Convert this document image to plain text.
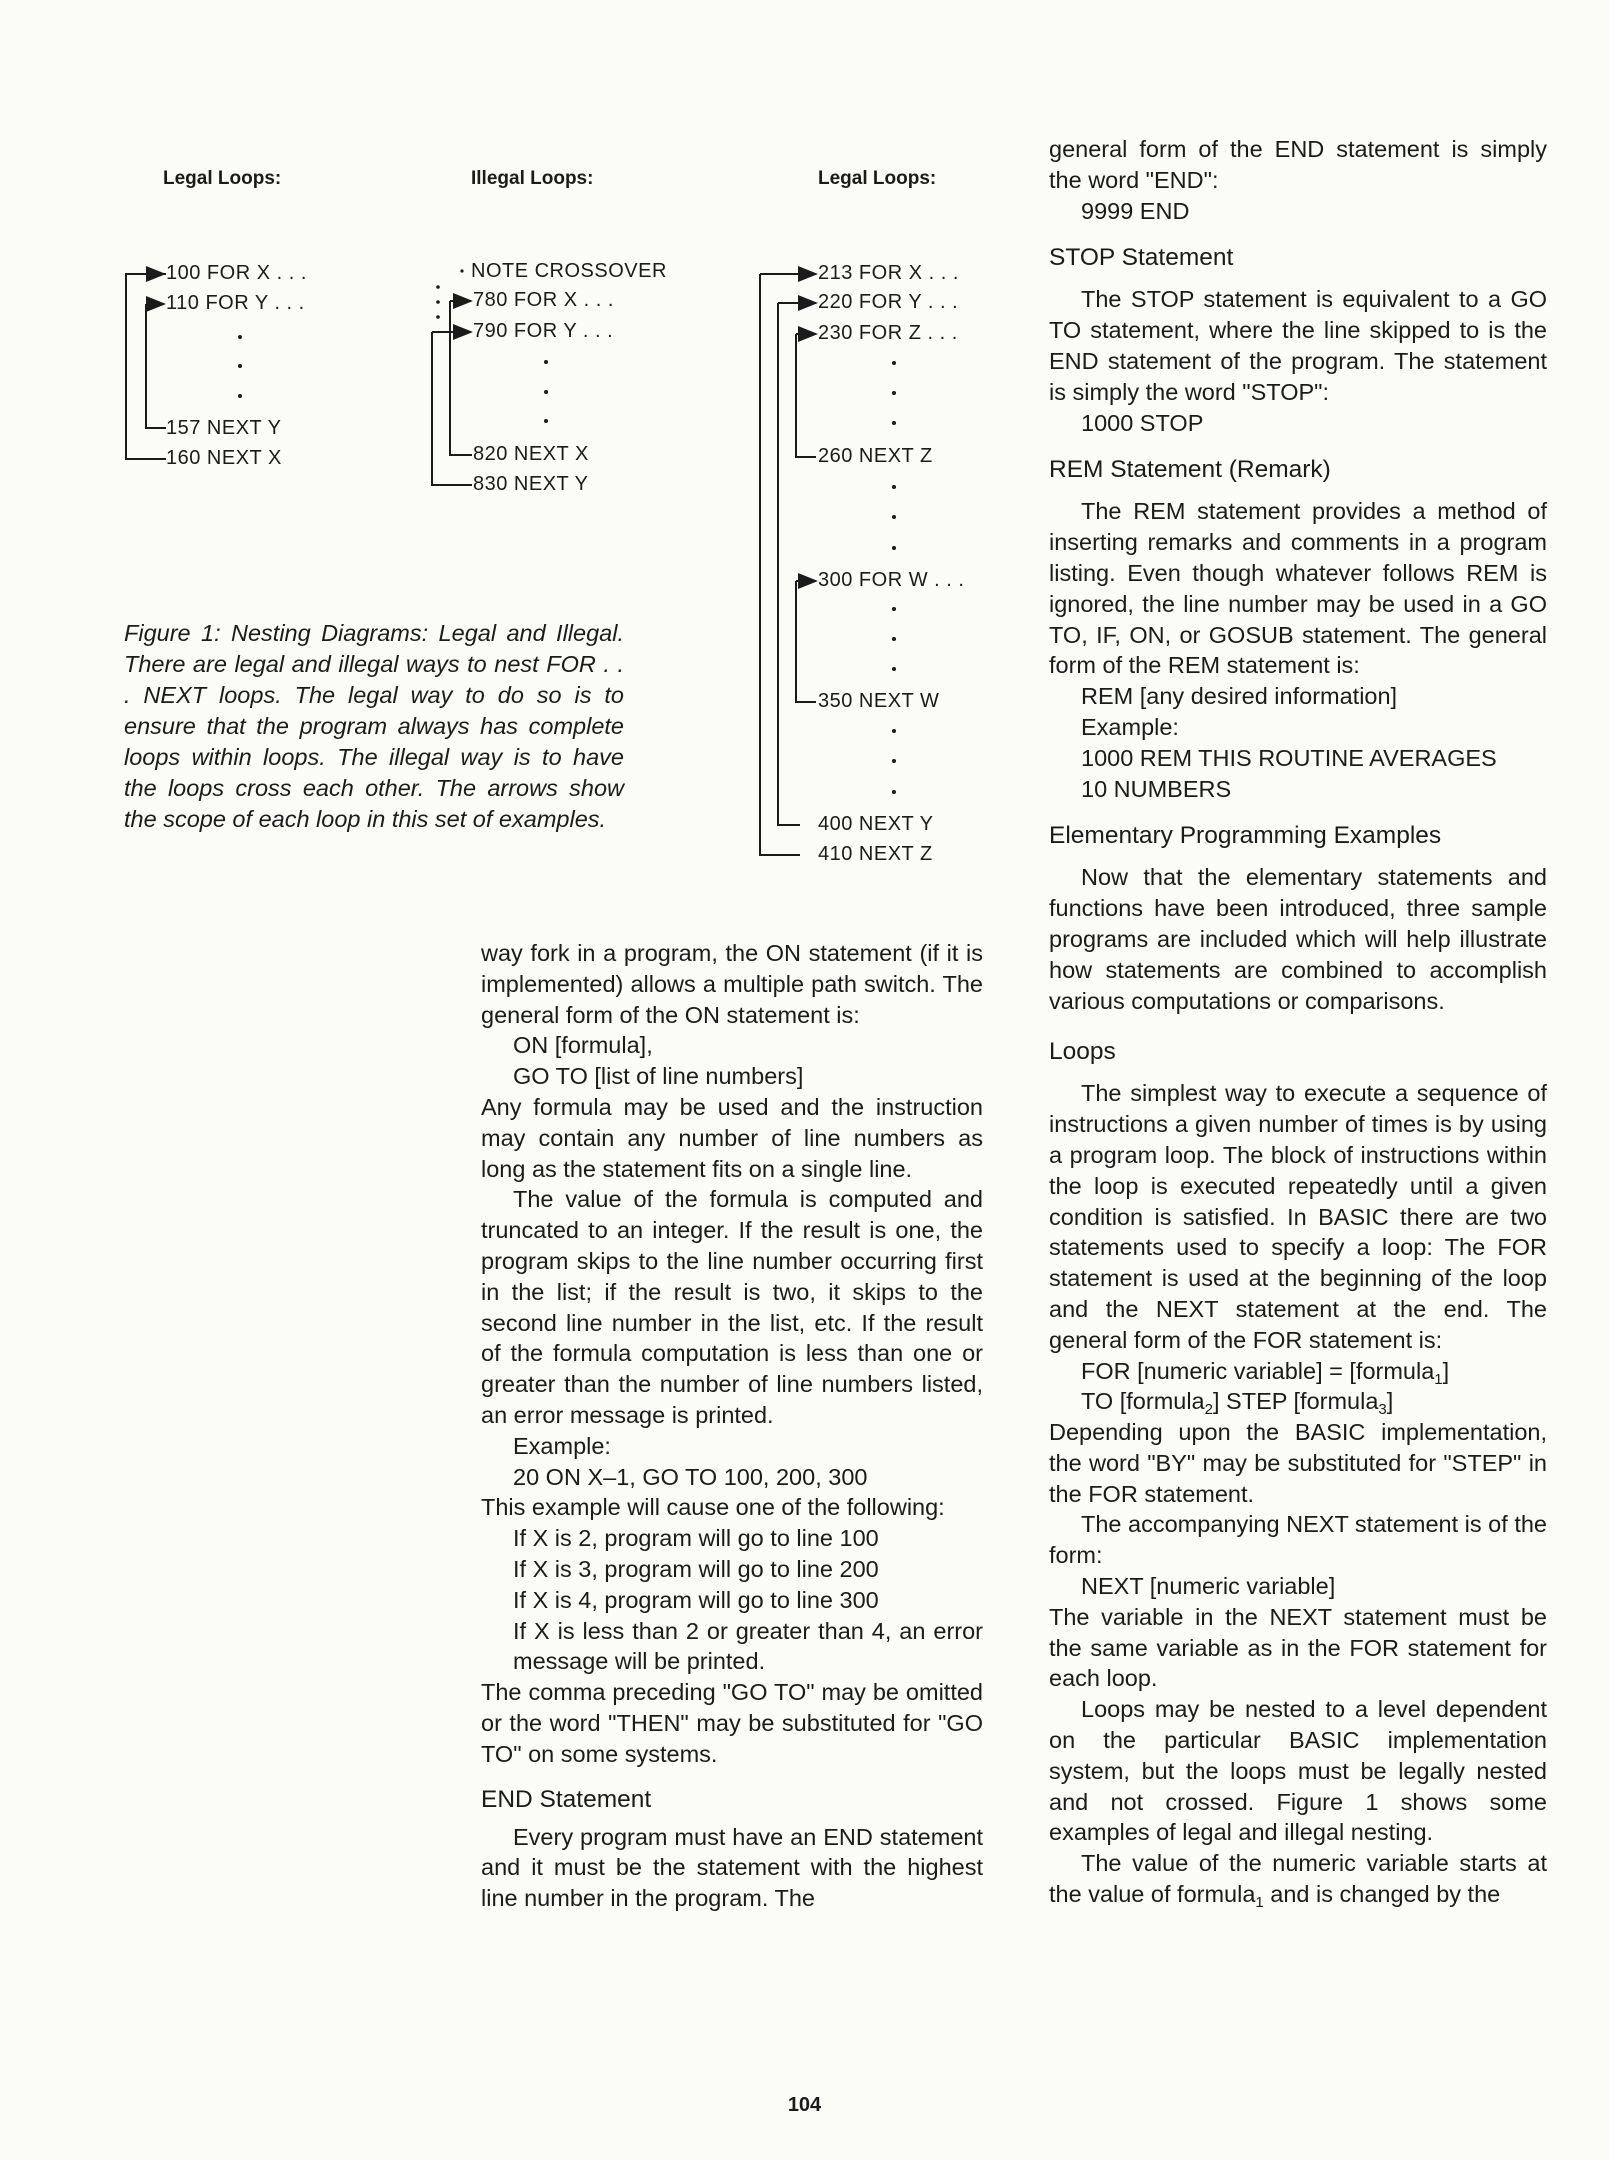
Legal Loops:	Illegal Loops:	Legal Loops:
100 FOR X . . .
110 FOR Y . . .
157 NEXT Y
160 NEXT X
NOTE CROSSOVER
780 FOR X . . .
790 FOR Y . . .
820 NEXT X
830 NEXT Y
213 FOR X . . .
220 FOR Y . . .
230 FOR Z . . .
260 NEXT Z
300 FOR W . . .
350 NEXT W
400 NEXT Y
410 NEXT Z
Figure 1: Nesting Diagrams: Legal and Illegal. There are legal and illegal ways to nest FOR . . . NEXT loops. The legal way to do so is to ensure that the program always has complete loops within loops. The illegal way is to have the loops cross each other. The arrows show the scope of each loop in this set of examples.

way fork in a program, the ON statement (if it is implemented) allows a multiple path switch. The general form of the ON statement is:

ON [formula],

GO TO [list of line numbers]

Any formula may be used and the instruction may contain any number of line numbers as long as the statement fits on a single line.

The value of the formula is computed and truncated to an integer. If the result is one, the program skips to the line number occurring first in the list; if the result is two, it skips to the second line number in the list, etc. If the result of the formula computation is less than one or greater than the number of line numbers listed, an error message is printed.

Example:

20 ON X–1, GO TO 100, 200, 300

This example will cause one of the following:

If X is 2, program will go to line 100

If X is 3, program will go to line 200

If X is 4, program will go to line 300

If X is less than 2 or greater than 4, an error message will be printed.

The comma preceding "GO TO" may be omitted or the word "THEN" may be substituted for "GO TO" on some systems.

END Statement

Every program must have an END statement and it must be the statement with the highest line number in the program. The

general form of the END statement is simply the word "END":

9999 END

STOP Statement

The STOP statement is equivalent to a GO TO statement, where the line skipped to is the END statement of the program. The statement is simply the word "STOP":

1000 STOP

REM Statement (Remark)

The REM statement provides a method of inserting remarks and comments in a program listing. Even though whatever follows REM is ignored, the line number may be used in a GO TO, IF, ON, or GOSUB statement. The general form of the REM statement is:

REM [any desired information]

Example:

1000 REM THIS ROUTINE AVERAGES

10 NUMBERS

Elementary Programming Examples

Now that the elementary statements and functions have been introduced, three sample programs are included which will help illustrate how statements are combined to accomplish various computations or comparisons.

Loops

The simplest way to execute a sequence of instructions a given number of times is by using a program loop. The block of instructions within the loop is executed repeatedly until a given condition is satisfied. In BASIC there are two statements used to specify a loop: The FOR statement is used at the beginning of the loop and the NEXT statement at the end. The general form of the FOR statement is:

FOR [numeric variable] = [formula$_1$]

TO [formula$_2$] STEP [formula$_3$]

Depending upon the BASIC implementation, the word "BY" may be substituted for "STEP" in the FOR statement.

The accompanying NEXT statement is of the form:

NEXT [numeric variable]

The variable in the NEXT statement must be the same variable as in the FOR statement for each loop.

Loops may be nested to a level dependent on the particular BASIC implementation system, but the loops must be legally nested and not crossed. Figure 1 shows some examples of legal and illegal nesting.

The value of the numeric variable starts at the value of formula$_1$ and is changed by the

104
